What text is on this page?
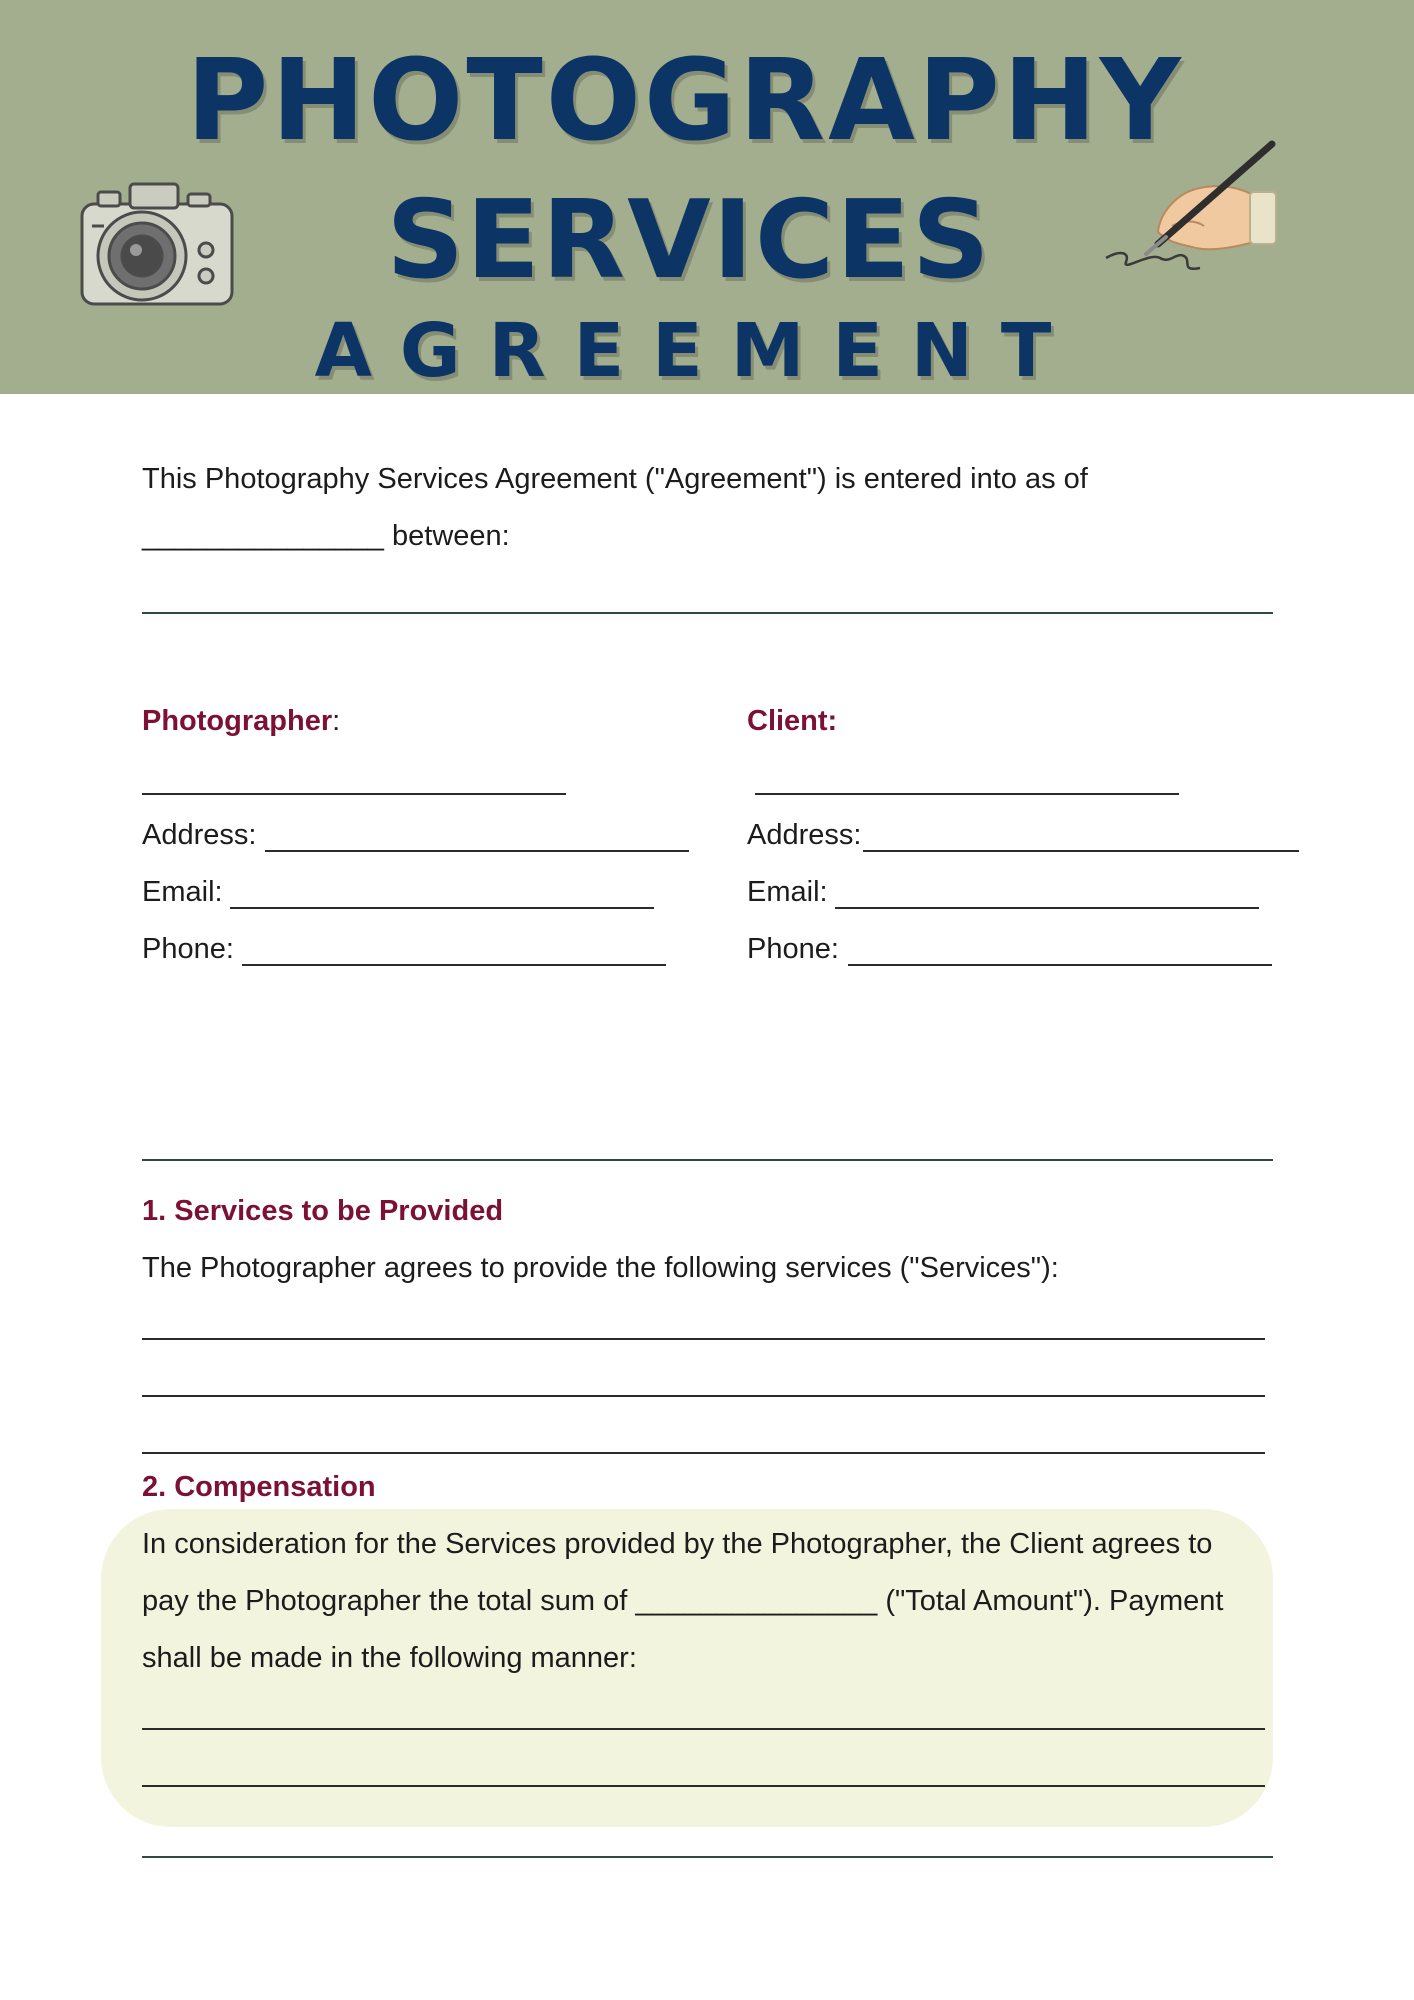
PHOTOGRAPHY
SERVICES
AGREEMENT
This Photography Services Agreement ("Agreement") is entered into as of
_______________ between:
Photographer:	Client:
Address:
Email:
Phone:
Address:
Email:
Phone:
1. Services to be Provided
The Photographer agrees to provide the following services ("Services"):
2. Compensation
In consideration for the Services provided by the Photographer, the Client agrees to
pay the Photographer the total sum of _______________ ("Total Amount"). Payment
shall be made in the following manner:
